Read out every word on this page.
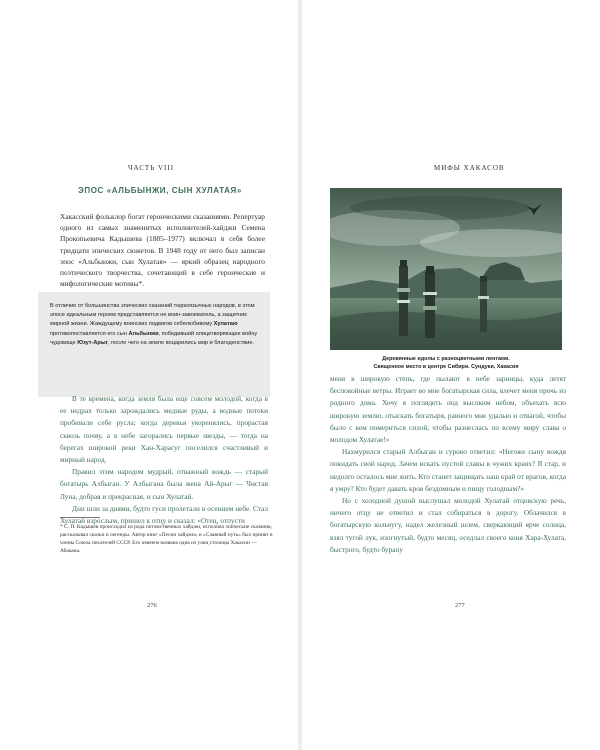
ЧАСТЬ VIII
ЭПОС «АЛЬБЫНЖИ, СЫН ХУЛАТАЯ»

Хакасский фольклор богат героическими сказаниями. Репертуар одного из самых знаменитых исполнителей-хайджи Семена Прокопьевича Кадышева (1885–1977) включал в себя более тридцати эпических сюжетов. В 1948 году от него был записан эпос «Альбынжи, сын Хулатая» — яркий образец народного поэтического творчества, сочетающий в себе героические и мифологические мотивы*.

В отличие от большинства эпических сказаний тюркоязычных народов, в этом эпосе идеальным героем представляется не воин-завоеватель, а защитник мирной жизни. Жаждущему воинских подвигов себялюбивому Хулатаю противопоставляется его сын Альбынжи, победивший олицетворяющее войну чудовище Юзут-Арыг, после чего на земле воцарились мир и благоденствие.

В те времена, когда земля была еще совсем молодой, когда в ее недрах только зарождались медные руды, а водные потоки пробивали себе русла; когда деревья укоренялись, прорастая сквозь почву, а в небе загорались первые звезды, — тогда на берегах широкой реки Хан-Харасуг поселился счастливый и мирный народ.

Правил этим народом мудрый, отважный вождь — старый богатырь Албыган. У Албыгана была жена Ай-Арыг — Чистая Луна, добрая и прекрасная, и сын Хулатай.

Дни шли за днями, будто гуси пролетали в осеннем небе. Стал Хулатай взрослым, пришел к отцу и сказал: «Отец, отпусти

* С. П. Кадышев происходил из рода потомственных хайджи, исполнял эпические сказания, рассказывал сказки и легенды. Автор книг «Песни хайджи» и «Славный путь» был принят в члены Союза писателей СССР. Его именем названа одна из улиц столицы Хакасии — Абакана.

276
МИФЫ ХАКАСОВ

Деревянные идолы с разноцветными лентами.

Священное место в центре Сибири. Сундуки, Хакасия

меня в широкую степь, где пылают в небе зарницы, куда летят беспокойные ветры. Играет во мне богатырская сила, влечет меня прочь из родного дома. Хочу я поглядеть под высоким небом, объехать всю широкую землю, отыскать богатыря, равного мне удалью и отвагой, чтобы было с кем помериться силой, чтобы разнеслась по всему миру слава о молодом Хулатае!»

Нахмурился старый Албыган и сурово ответил: «Негоже сыну вождя покидать свой народ. Зачем искать пустой славы в чужих краях? Я стар, и недолго осталось мне жить. Кто станет защищать наш край от врагов, когда я умру? Кто будет давать кров бездомным и пищу голодным?»

Но с холодной душой выслушал молодой Хулатай отцовскую речь, ничего отцу не ответил и стал собираться в дорогу. Облачился в богатырскую кольчугу, надел железный шлем, сверкающий ярче солнца, взял тугой лук, изогнутый, будто месяц, оседлал своего коня Хара-Хулата, быстрого, будто бурану

277
